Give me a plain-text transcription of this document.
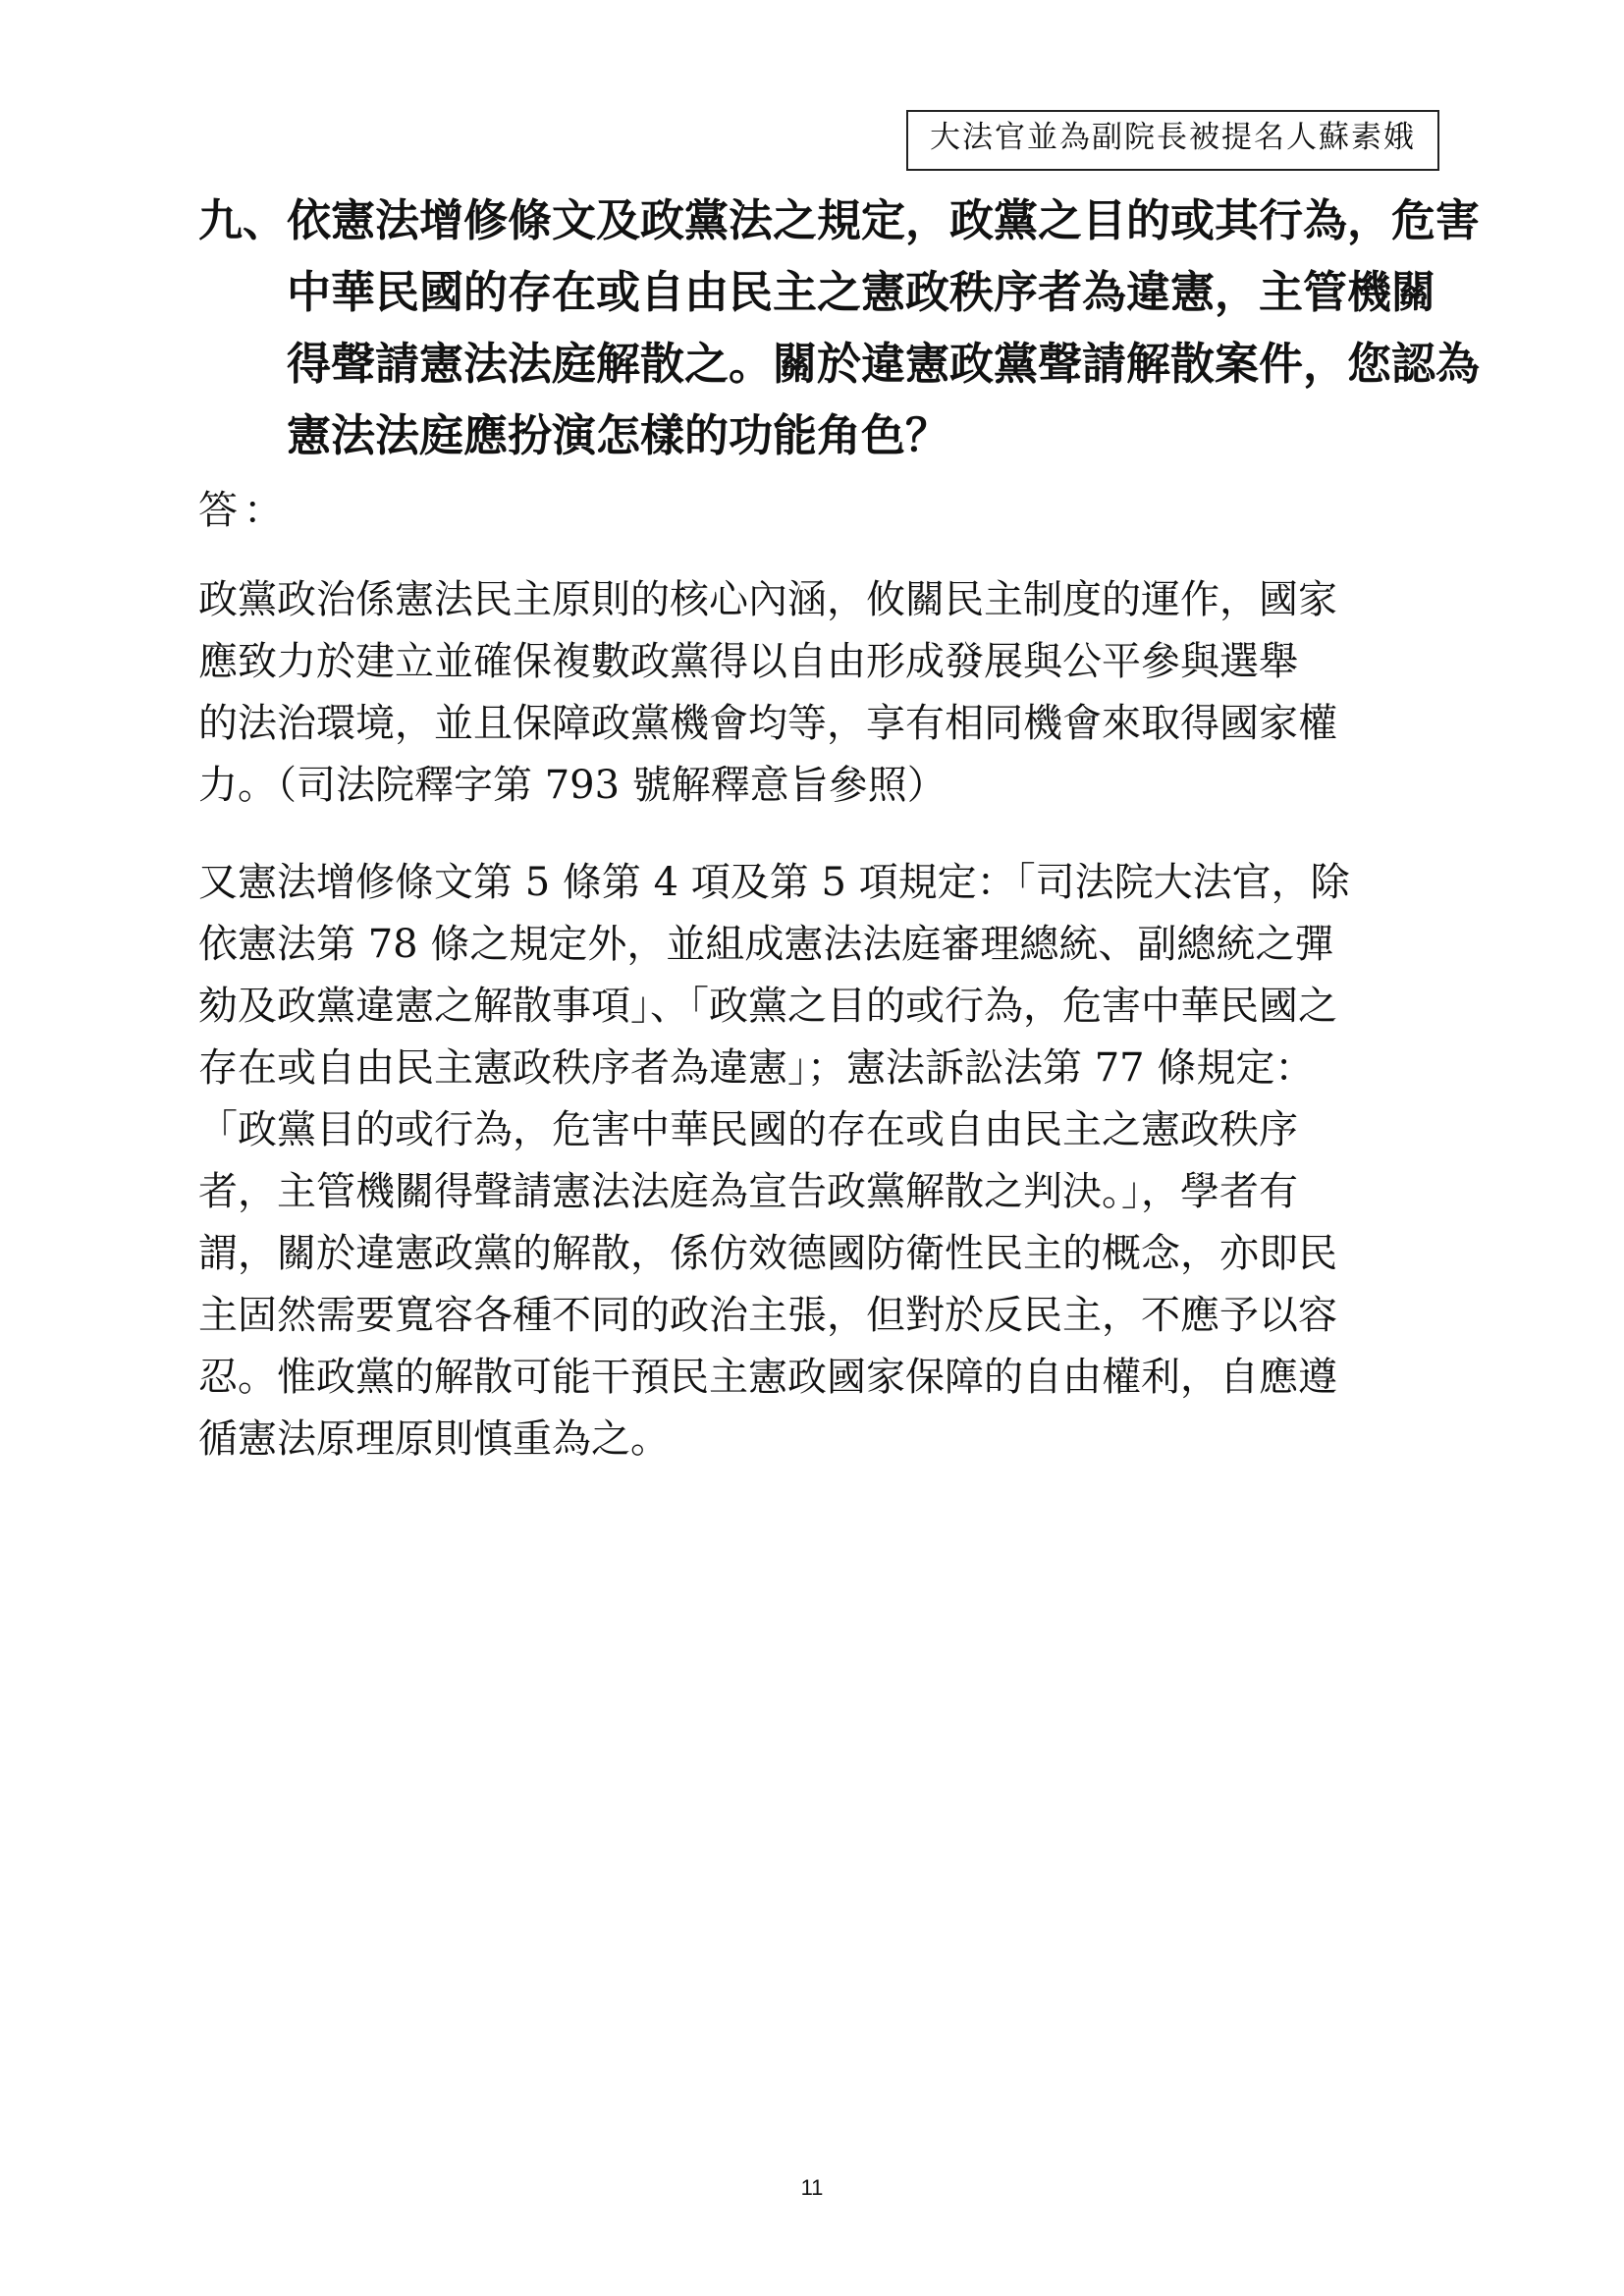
大法官並為副院長被提名人蘇素娥
九、依憲法增修條文及政黨法之規定，政黨之目的或其行為，危害
中華民國的存在或自由民主之憲政秩序者為違憲，主管機關
得聲請憲法法庭解散之。關於違憲政黨聲請解散案件，您認為
憲法法庭應扮演怎樣的功能角色？
答：
政黨政治係憲法民主原則的核心內涵，攸關民主制度的運作，國家
應致力於建立並確保複數政黨得以自由形成發展與公平參與選舉
的法治環境，並且保障政黨機會均等，享有相同機會來取得國家權
力。（司法院釋字第 793 號解釋意旨參照）
又憲法增修條文第 5 條第 4 項及第 5 項規定：「司法院大法官，除
依憲法第 78 條之規定外，並組成憲法法庭審理總統、副總統之彈
劾及政黨違憲之解散事項」、「政黨之目的或行為，危害中華民國之
存在或自由民主憲政秩序者為違憲」；憲法訴訟法第 77 條規定：
「政黨目的或行為，危害中華民國的存在或自由民主之憲政秩序
者，主管機關得聲請憲法法庭為宣告政黨解散之判決。」，學者有
謂，關於違憲政黨的解散，係仿效德國防衛性民主的概念，亦即民
主固然需要寬容各種不同的政治主張，但對於反民主，不應予以容
忍。惟政黨的解散可能干預民主憲政國家保障的自由權利，自應遵
循憲法原理原則慎重為之。
11
